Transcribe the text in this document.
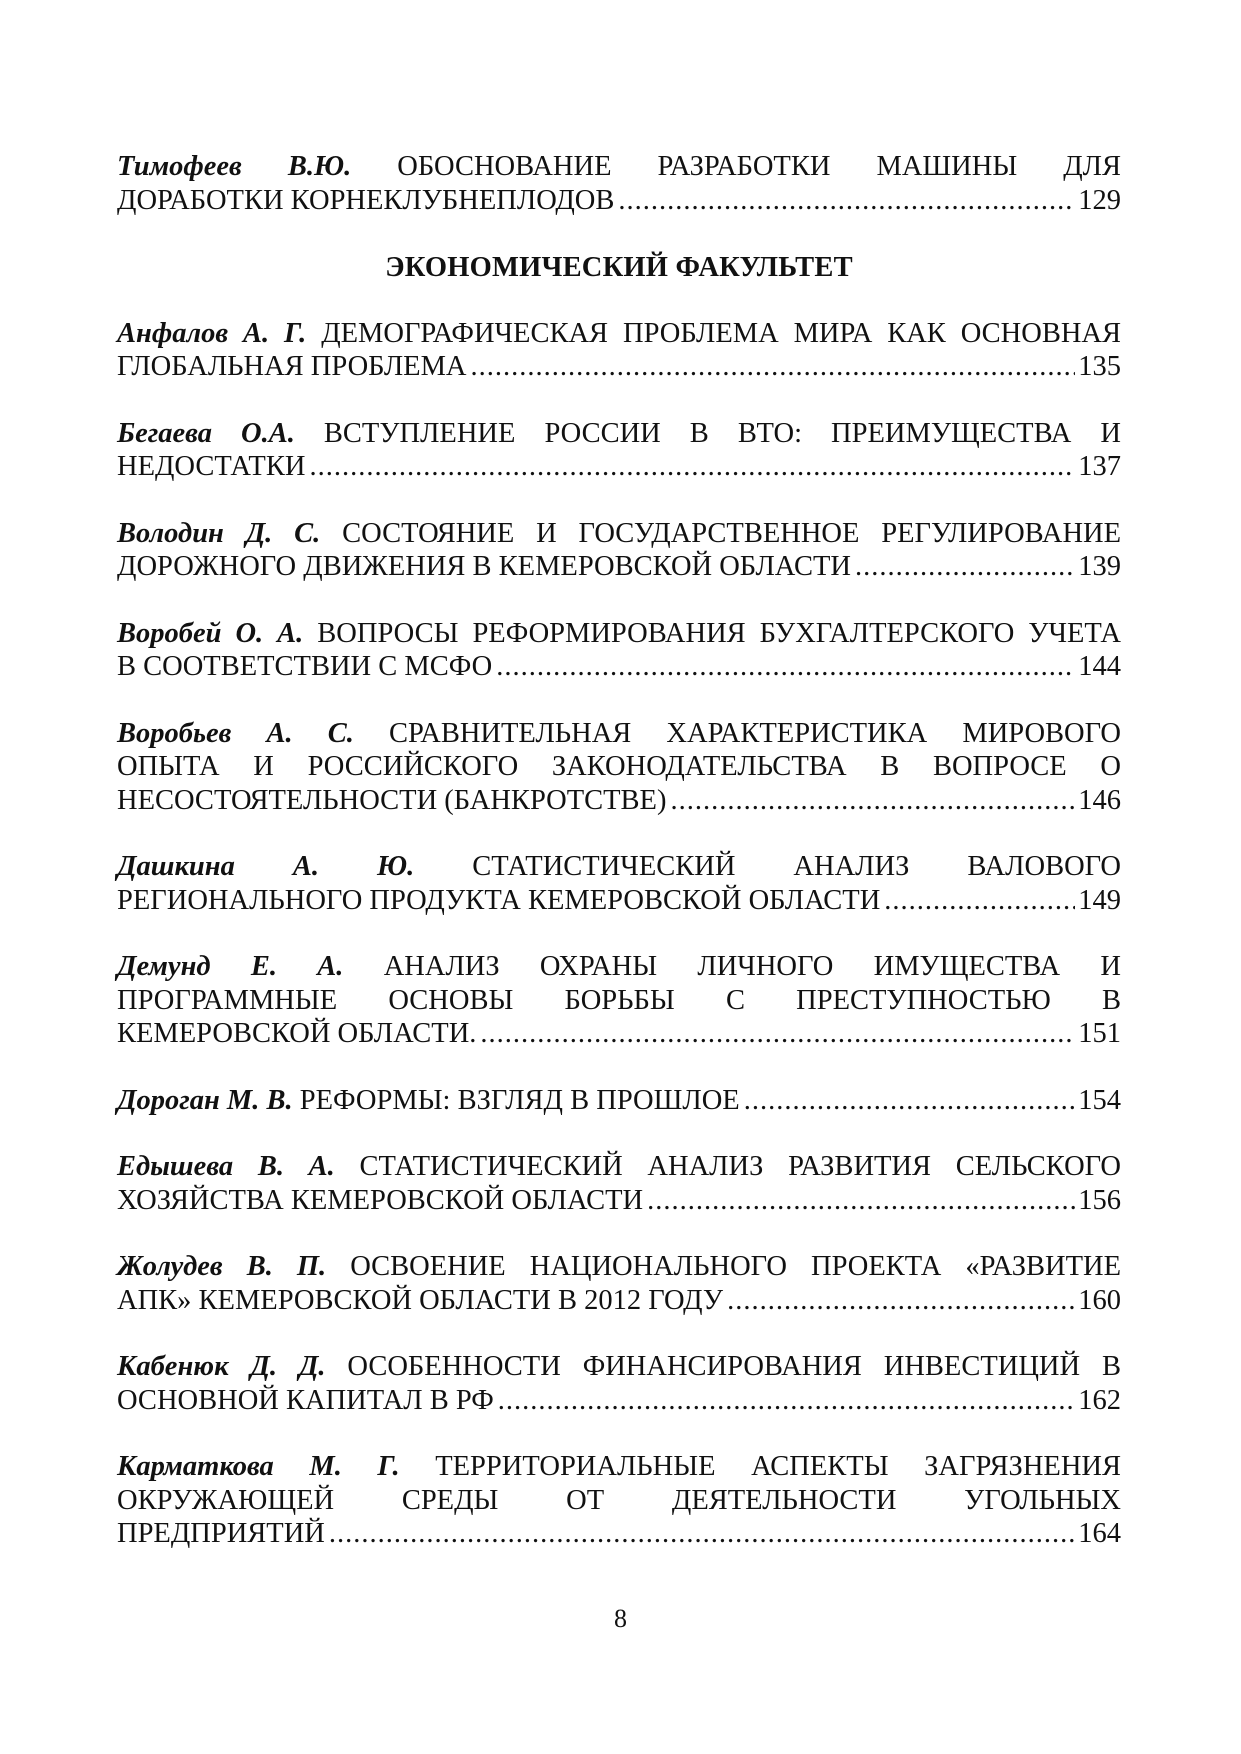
Тимофеев В.Ю. ОБОСНОВАНИЕ РАЗРАБОТКИ МАШИНЫ ДЛЯ
ДОРАБОТКИ КОРНЕКЛУБНЕПЛОДОВ .....	129
ЭКОНОМИЧЕСКИЙ ФАКУЛЬТЕТ
Анфалов А. Г. ДЕМОГРАФИЧЕСКАЯ ПРОБЛЕМА МИРА КАК ОСНОВНАЯ
ГЛОБАЛЬНАЯ ПРОБЛЕМА .....	135
Бегаева О.А. ВСТУПЛЕНИЕ РОССИИ В ВТО: ПРЕИМУЩЕСТВА И
НЕДОСТАТКИ .....	137
Володин Д. С. СОСТОЯНИЕ И ГОСУДАРСТВЕННОЕ РЕГУЛИРОВАНИЕ
ДОРОЖНОГО ДВИЖЕНИЯ В КЕМЕРОВСКОЙ ОБЛАСТИ .....	139
Воробей О. А. ВОПРОСЫ РЕФОРМИРОВАНИЯ БУХГАЛТЕРСКОГО УЧЕТА
В СООТВЕТСТВИИ С МСФО .....	144
Воробьев А. С. СРАВНИТЕЛЬНАЯ ХАРАКТЕРИСТИКА МИРОВОГО
ОПЫТА И РОССИЙСКОГО ЗАКОНОДАТЕЛЬСТВА В ВОПРОСЕ О
НЕСОСТОЯТЕЛЬНОСТИ (БАНКРОТСТВЕ) .....	146
Дашкина А. Ю. СТАТИСТИЧЕСКИЙ АНАЛИЗ ВАЛОВОГО
РЕГИОНАЛЬНОГО ПРОДУКТА КЕМЕРОВСКОЙ ОБЛАСТИ .....	149
Демунд Е. А. АНАЛИЗ ОХРАНЫ ЛИЧНОГО ИМУЩЕСТВА И
ПРОГРАММНЫЕ ОСНОВЫ БОРЬБЫ С ПРЕСТУПНОСТЬЮ В
КЕМЕРОВСКОЙ ОБЛАСТИ. .....	151
Дороган М. В. РЕФОРМЫ: ВЗГЛЯД В ПРОШЛОЕ .....	154
Едышева В. А. СТАТИСТИЧЕСКИЙ АНАЛИЗ РАЗВИТИЯ СЕЛЬСКОГО
ХОЗЯЙСТВА КЕМЕРОВСКОЙ ОБЛАСТИ .....	156
Жолудев В. П. ОСВОЕНИЕ НАЦИОНАЛЬНОГО ПРОЕКТА «РАЗВИТИЕ
АПК» КЕМЕРОВСКОЙ ОБЛАСТИ В 2012 ГОДУ .....	160
Кабенюк Д. Д. ОСОБЕННОСТИ ФИНАНСИРОВАНИЯ ИНВЕСТИЦИЙ В
ОСНОВНОЙ КАПИТАЛ В РФ .....	162
Карматкова М. Г. ТЕРРИТОРИАЛЬНЫЕ АСПЕКТЫ ЗАГРЯЗНЕНИЯ
ОКРУЖАЮЩЕЙ СРЕДЫ ОТ ДЕЯТЕЛЬНОСТИ УГОЛЬНЫХ
ПРЕДПРИЯТИЙ .....	164
8
